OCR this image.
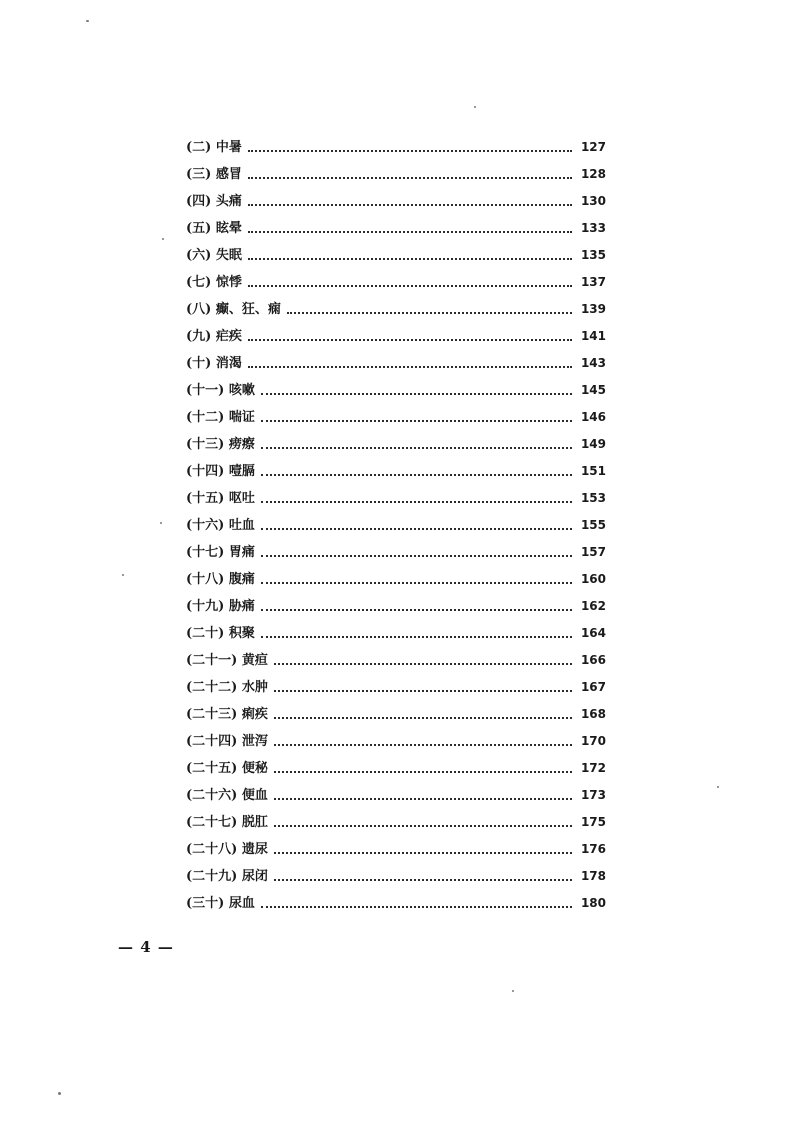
(二) 中暑	127
(三) 感冒	128
(四) 头痛	130
(五) 眩晕	133
(六) 失眠	135
(七) 惊悸	137
(八) 癫、狂、痫	139
(九) 疟疾	141
(十) 消渴	143
(十一) 咳嗽	145
(十二) 喘证	146
(十三) 痨瘵	149
(十四) 噎膈	151
(十五) 呕吐	153
(十六) 吐血	155
(十七) 胃痛	157
(十八) 腹痛	160
(十九) 胁痛	162
(二十) 积聚	164
(二十一) 黄疸	166
(二十二) 水肿	167
(二十三) 痢疾	168
(二十四) 泄泻	170
(二十五) 便秘	172
(二十六) 便血	173
(二十七) 脱肛	175
(二十八) 遗尿	176
(二十九) 尿闭	178
(三十) 尿血	180
— 4 —
